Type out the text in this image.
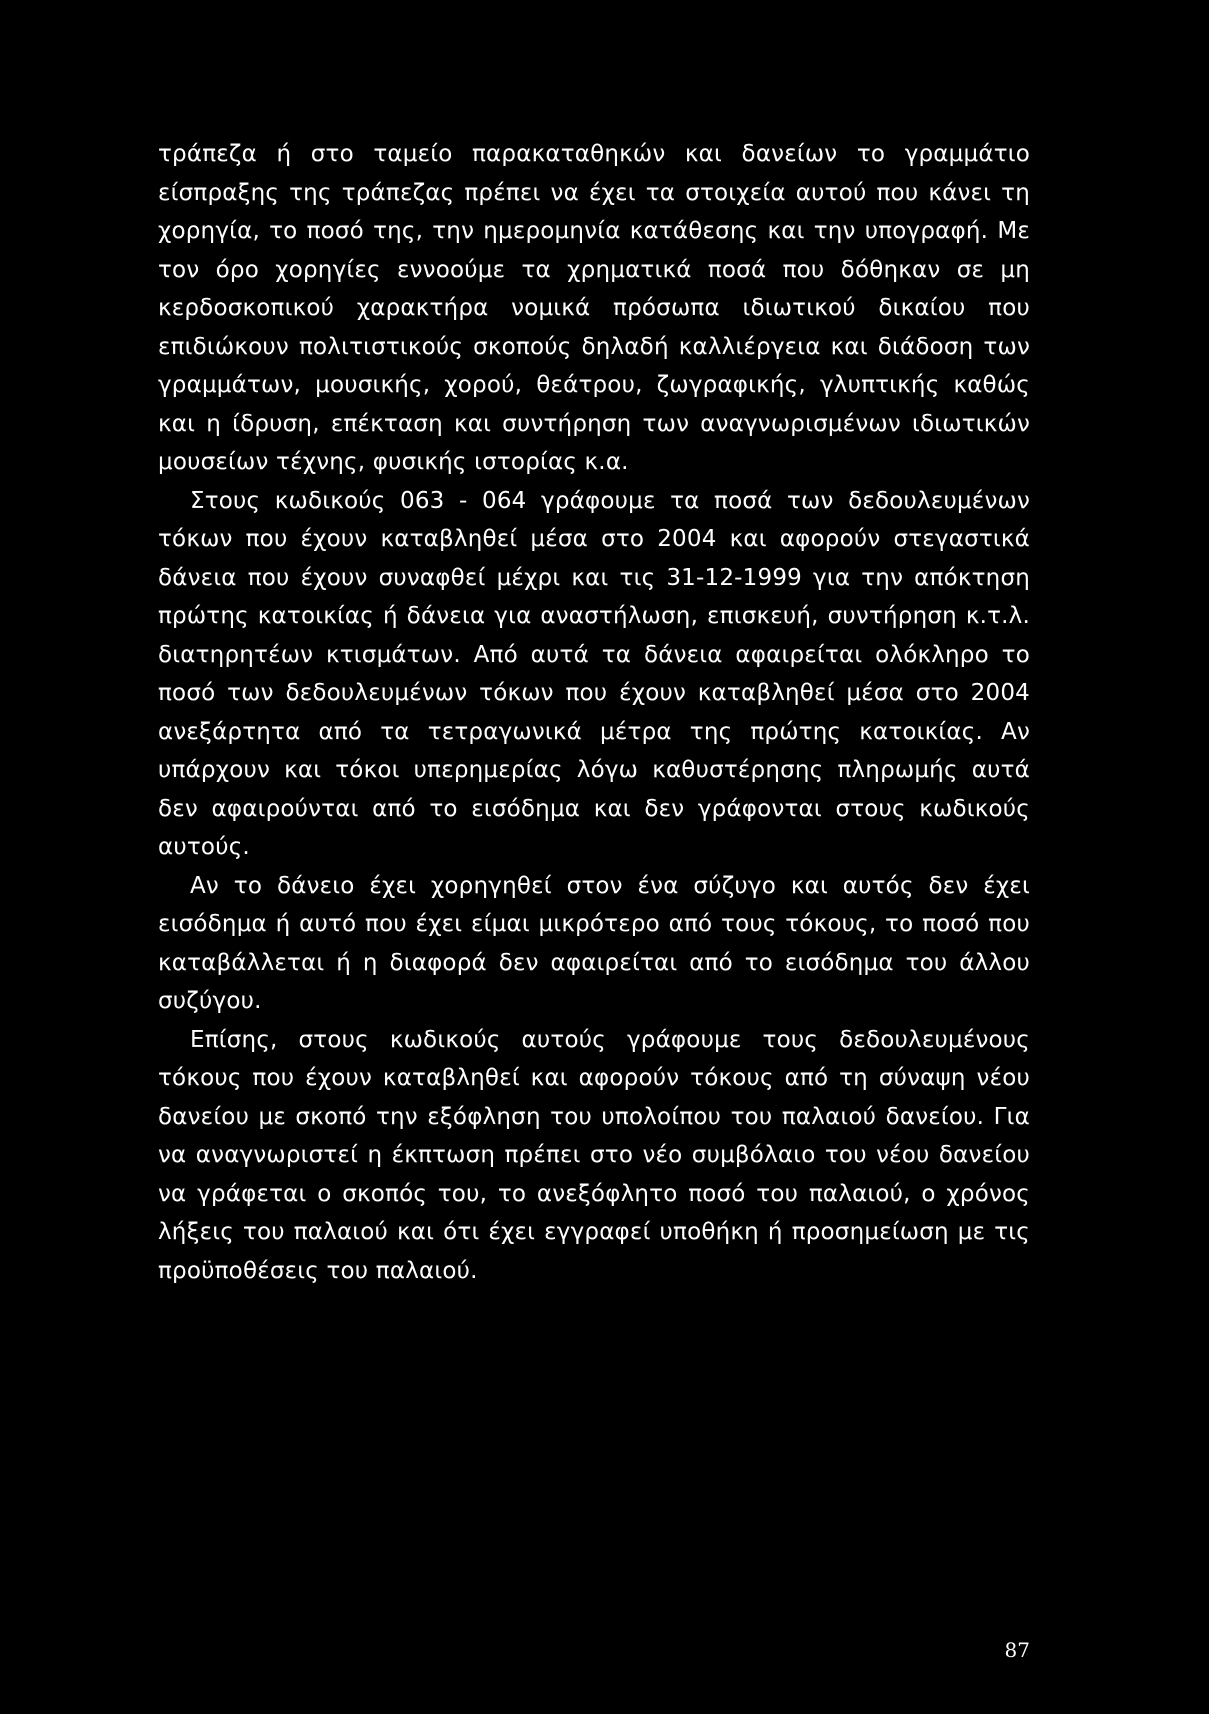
τράπεζα ή στο ταμείο παρακαταθηκών και δανείων το γραμμάτιο είσπραξης της τράπεζας πρέπει να έχει τα στοιχεία αυτού που κάνει τη χορηγία, το ποσό της, την ημερομηνία κατάθεσης και την υπογραφή. Με τον όρο χορηγίες εννοούμε τα χρηματικά ποσά που δόθηκαν σε μη κερδοσκοπικού χαρακτήρα νομικά πρόσωπα ιδιωτικού δικαίου που επιδιώκουν πολιτιστικούς σκοπούς δηλαδή καλλιέργεια και διάδοση των γραμμάτων, μουσικής, χορού, θεάτρου, ζωγραφικής, γλυπτικής καθώς και η ίδρυση, επέκταση και συντήρηση των αναγνωρισμένων ιδιωτικών μουσείων τέχνης, φυσικής ιστορίας κ.α.

Στους κωδικούς 063 - 064 γράφουμε τα ποσά των δεδουλευμένων τόκων που έχουν καταβληθεί μέσα στο 2004 και αφορούν στεγαστικά δάνεια που έχουν συναφθεί μέχρι και τις 31-12-1999 για την απόκτηση πρώτης κατοικίας ή δάνεια για αναστήλωση, επισκευή, συντήρηση κ.τ.λ. διατηρητέων κτισμάτων. Από αυτά τα δάνεια αφαιρείται ολόκληρο το ποσό των δεδουλευμένων τόκων που έχουν καταβληθεί μέσα στο 2004 ανεξάρτητα από τα τετραγωνικά μέτρα της πρώτης κατοικίας. Αν υπάρχουν και τόκοι υπερημερίας λόγω καθυστέρησης πληρωμής αυτά δεν αφαιρούνται από το εισόδημα και δεν γράφονται στους κωδικούς αυτούς.

Αν το δάνειο έχει χορηγηθεί στον ένα σύζυγο και αυτός δεν έχει εισόδημα ή αυτό που έχει είμαι μικρότερο από τους τόκους, το ποσό που καταβάλλεται ή η διαφορά δεν αφαιρείται από το εισόδημα του άλλου συζύγου.

Επίσης, στους κωδικούς αυτούς γράφουμε τους δεδουλευμένους τόκους που έχουν καταβληθεί και αφορούν τόκους από τη σύναψη νέου δανείου με σκοπό την εξόφληση του υπολοίπου του παλαιού δανείου. Για να αναγνωριστεί η έκπτωση πρέπει στο νέο συμβόλαιο του νέου δανείου να γράφεται ο σκοπός του, το ανεξόφλητο ποσό του παλαιού, ο χρόνος λήξεις του παλαιού και ότι έχει εγγραφεί υποθήκη ή προσημείωση με τις προϋποθέσεις του παλαιού.

87
